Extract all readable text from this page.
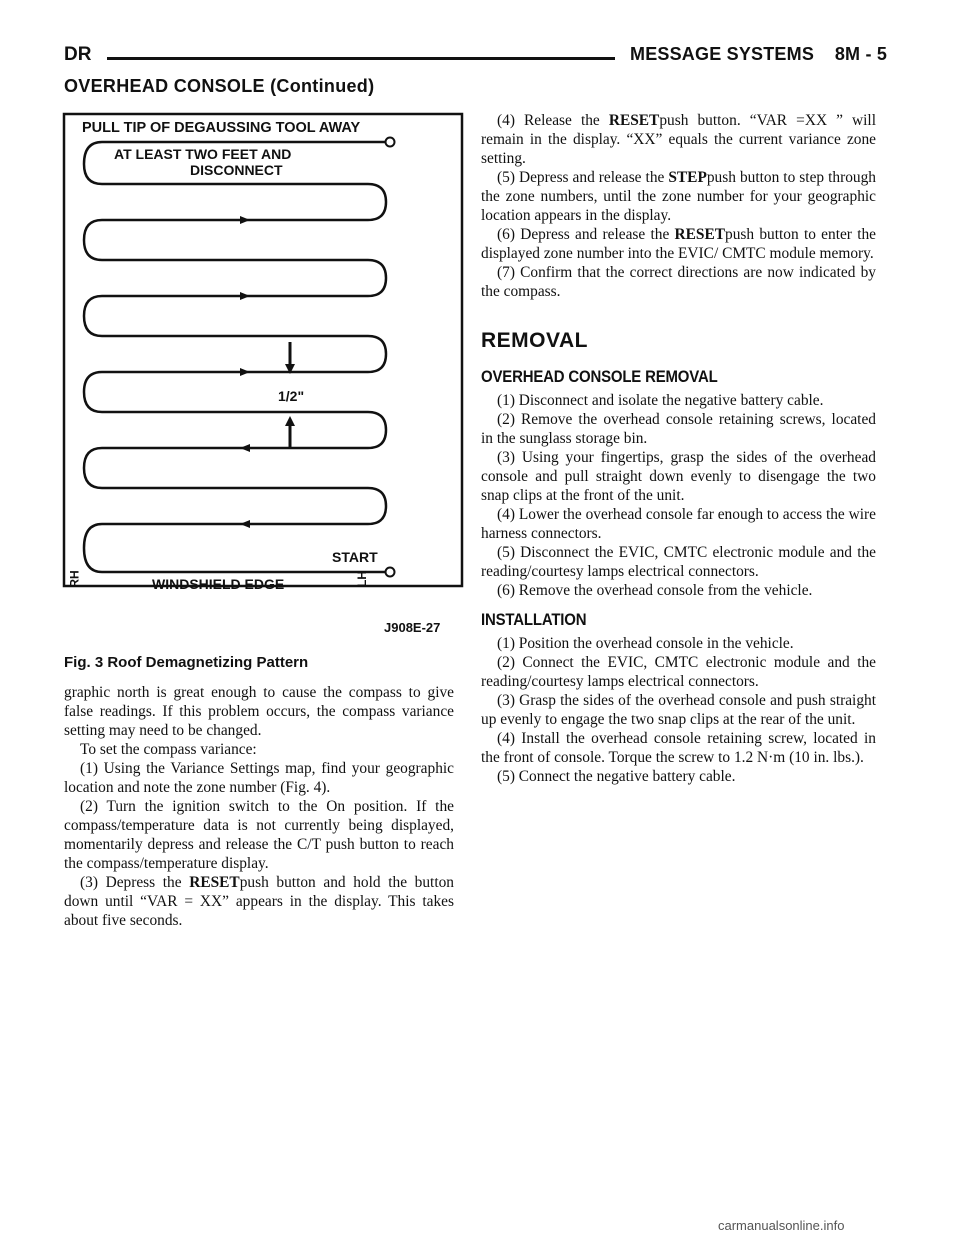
DR	MESSAGE SYSTEMS    8M - 5
OVERHEAD CONSOLE (Continued)
PULL TIP OF DEGAUSSING TOOL AWAY
AT LEAST TWO FEET AND
DISCONNECT
1/2"
START
WINDSHIELD EDGE
RH	LH
J908E-27
Fig. 3 Roof Demagnetizing Pattern

graphic north is great enough to cause the compass to give false readings. If this problem occurs, the compass variance setting may need to be changed.

To set the compass variance:

(1) Using the Variance Settings map, find your geographic location and note the zone number (Fig. 4).

(2) Turn the ignition switch to the On position. If the compass/temperature data is not currently being displayed, momentarily depress and release the C/T push button to reach the compass/temperature display.

(3) Depress the RESETpush button and hold the button down until “VAR = XX” appears in the display. This takes about five seconds.

(4) Release the RESETpush button. “VAR =XX ” will remain in the display. “XX” equals the current variance zone setting.

(5) Depress and release the STEPpush button to step through the zone numbers, until the zone number for your geographic location appears in the display.

(6) Depress and release the RESETpush button to enter the displayed zone number into the EVIC/ CMTC module memory.

(7) Confirm that the correct directions are now indicated by the compass.

REMOVAL
OVERHEAD CONSOLE REMOVAL

(1) Disconnect and isolate the negative battery cable.

(2) Remove the overhead console retaining screws, located in the sunglass storage bin.

(3) Using your fingertips, grasp the sides of the overhead console and pull straight down evenly to disengage the two snap clips at the front of the unit.

(4) Lower the overhead console far enough to access the wire harness connectors.

(5) Disconnect the EVIC, CMTC electronic module and the reading/courtesy lamps electrical connectors.

(6) Remove the overhead console from the vehicle.

INSTALLATION

(1) Position the overhead console in the vehicle.

(2) Connect the EVIC, CMTC electronic module and the reading/courtesy lamps electrical connectors.

(3) Grasp the sides of the overhead console and push straight up evenly to engage the two snap clips at the rear of the unit.

(4) Install the overhead console retaining screw, located in the front of console. Torque the screw to 1.2 N·m (10 in. lbs.).

(5) Connect the negative battery cable.

carmanualsonline.info
